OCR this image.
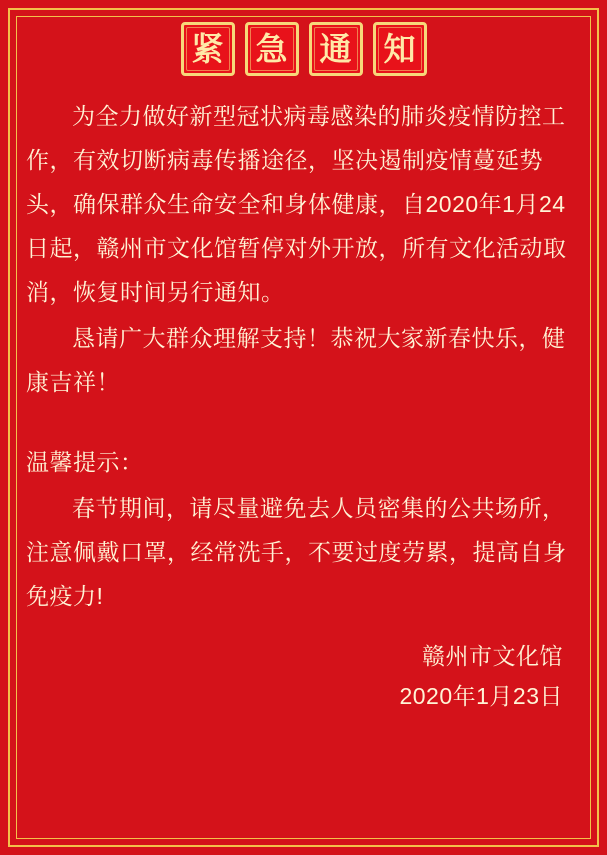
紧 急 通 知

为全力做好新型冠状病毒感染的肺炎疫情防控工作，有效切断病毒传播途径，坚决遏制疫情蔓延势头，确保群众生命安全和身体健康，自2020年1月24日起，赣州市文化馆暂停对外开放，所有文化活动取消，恢复时间另行通知。

恳请广大群众理解支持！恭祝大家新春快乐，健康吉祥！

温馨提示：

春节期间，请尽量避免去人员密集的公共场所，注意佩戴口罩，经常洗手，不要过度劳累，提高自身免疫力!

赣州市文化馆
2020年1月23日
